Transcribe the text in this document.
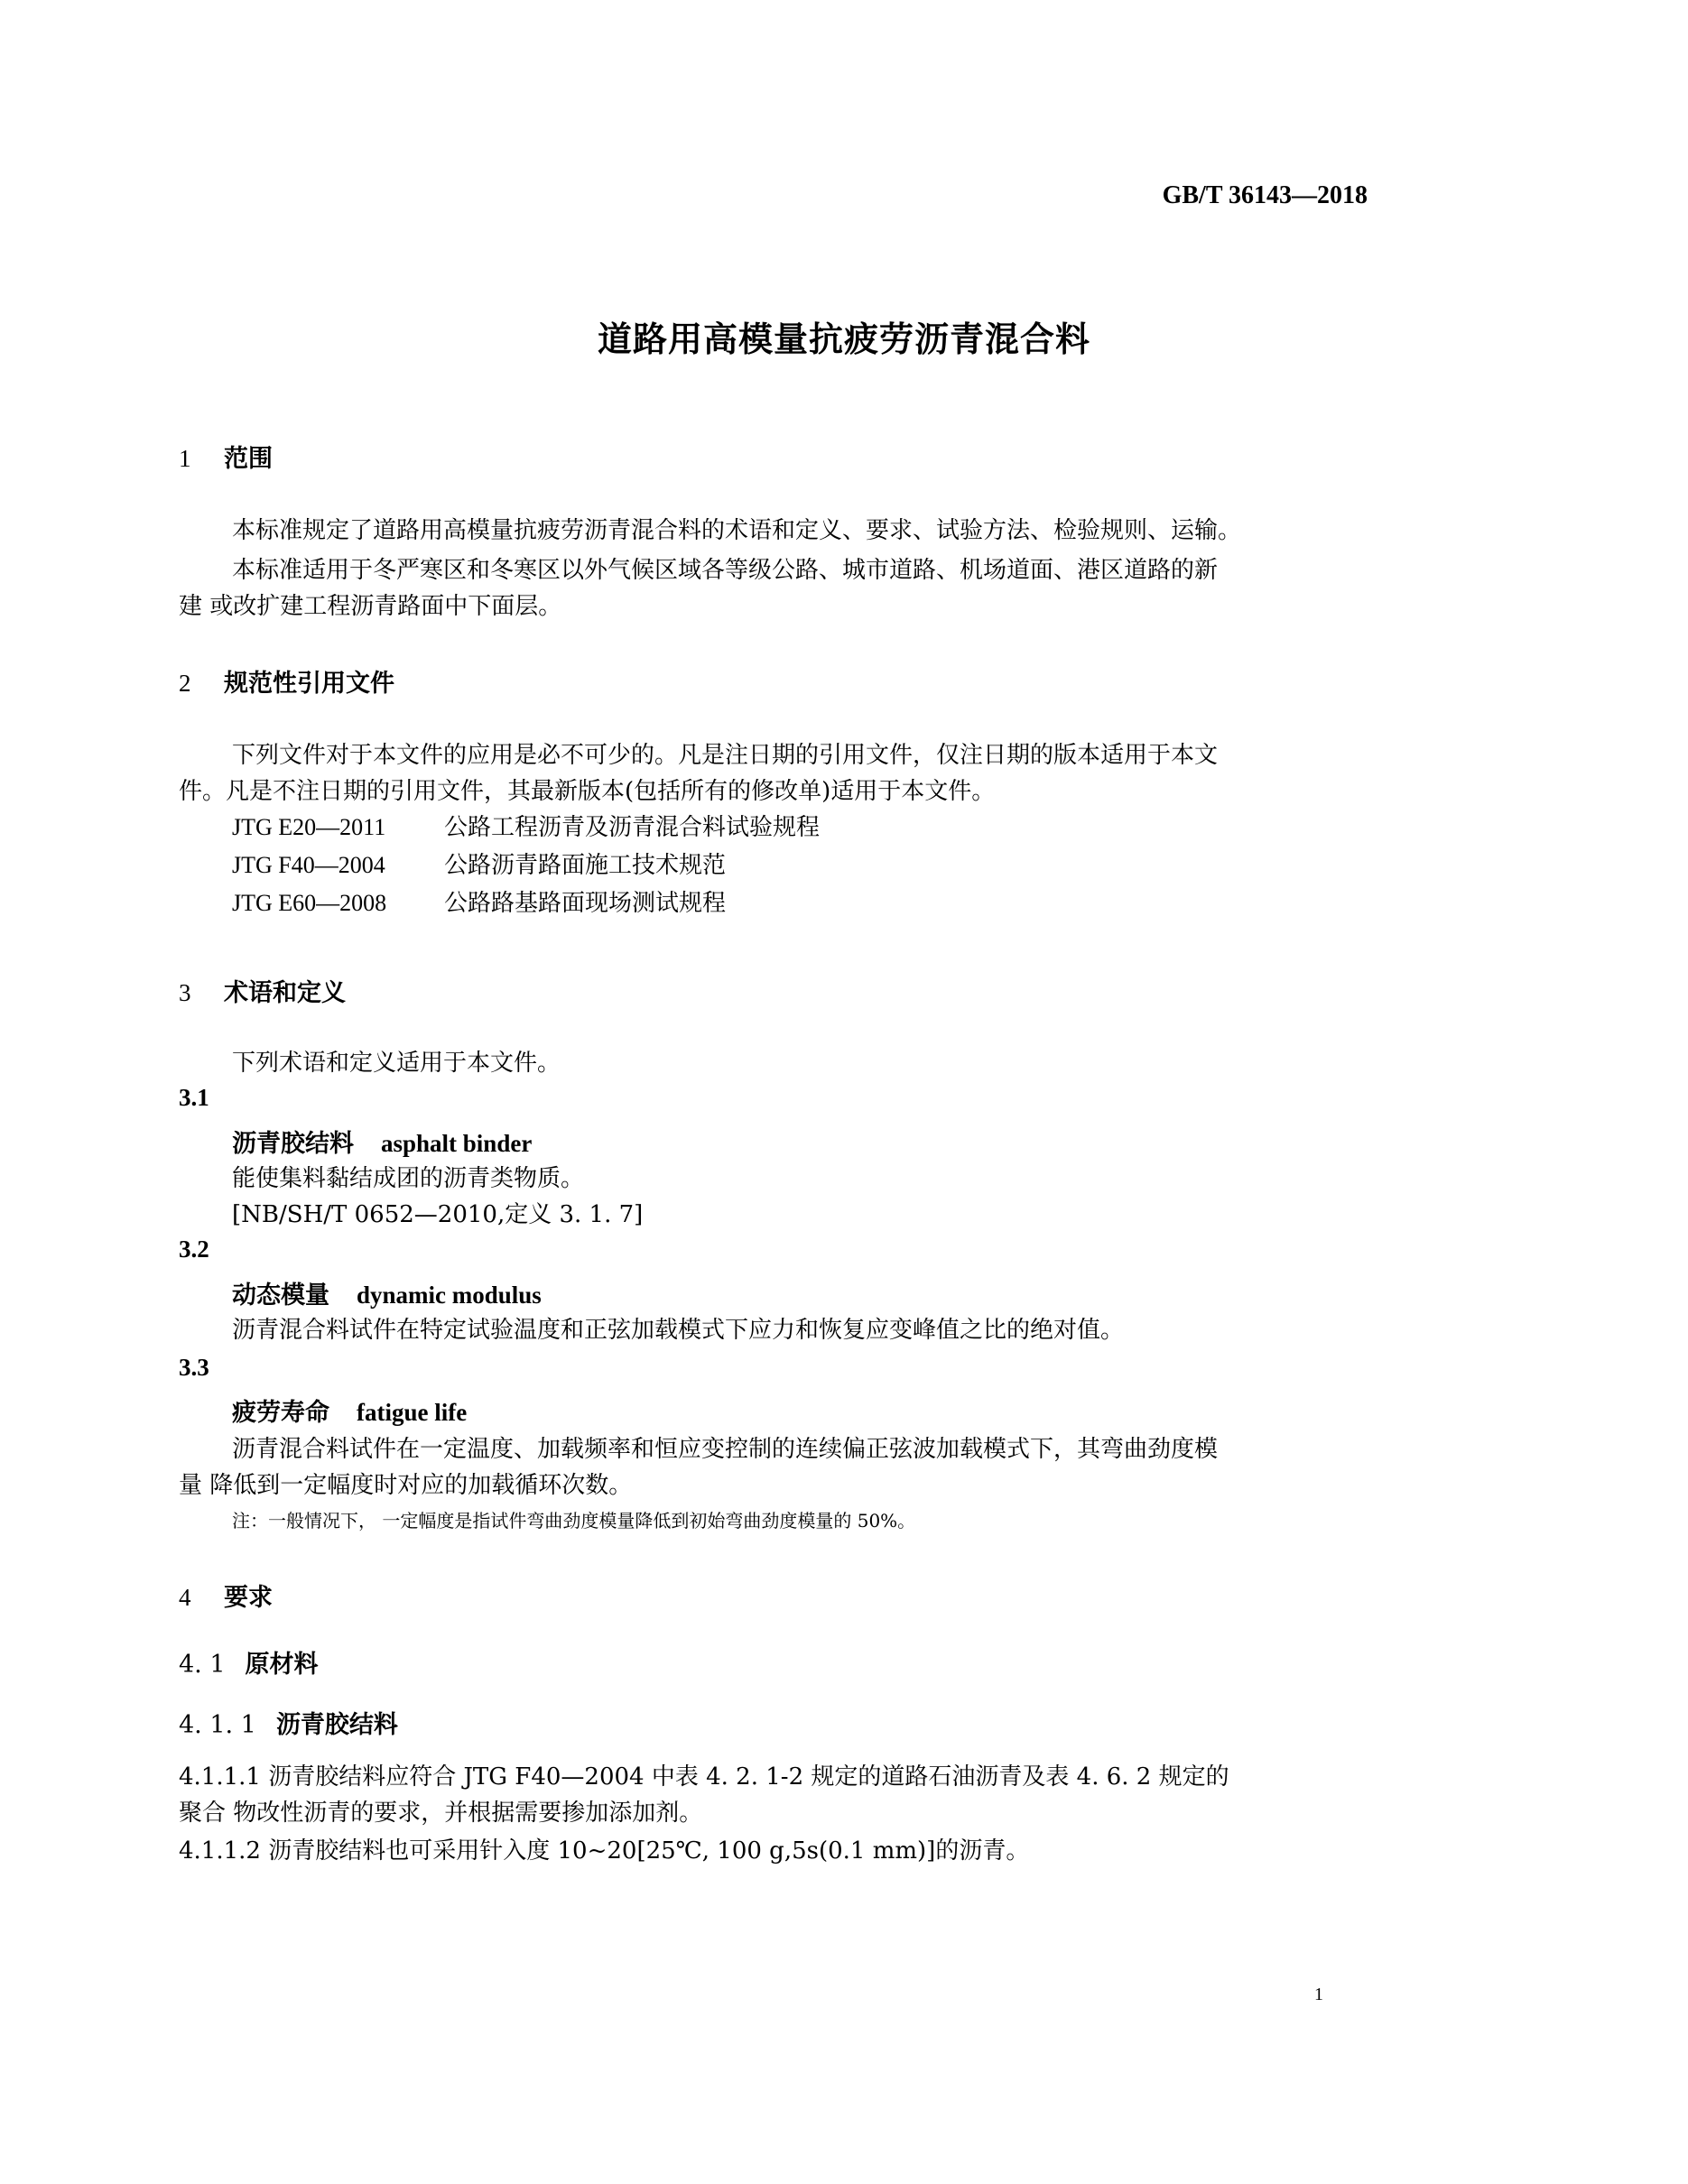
GB/T 36143—2018
道路用高模量抗疲劳沥青混合料
1 范围
本标准规定了道路用高模量抗疲劳沥青混合料的术语和定义、要求、试验方法、检验规则、运输。
本标准适用于冬严寒区和冬寒区以外气候区域各等级公路、城市道路、机场道面、港区道路的新
建 或改扩建工程沥青路面中下面层。
2 规范性引用文件
下列文件对于本文件的应用是必不可少的。凡是注日期的引用文件，仅注日期的版本适用于本文
件。凡是不注日期的引用文件，其最新版本(包括所有的修改单)适用于本文件。
JTG E20—2011 公路工程沥青及沥青混合料试验规程
JTG F40—2004	公路沥青路面施工技术规范
JTG E60—2008 公路路基路面现场测试规程
3 术语和定义
下列术语和定义适用于本文件。
3.1
沥青胶结料 asphalt binder
能使集料黏结成团的沥青类物质。
[NB/SH/T 0652—2010,定义 3. 1. 7]
3.2
动态模量 dynamic modulus
沥青混合料试件在特定试验温度和正弦加载模式下应力和恢复应变峰值之比的绝对值。
3.3
疲劳寿命 fatigue life
沥青混合料试件在一定温度、加载频率和恒应变控制的连续偏正弦波加载模式下，其弯曲劲度模
量 降低到一定幅度时对应的加载循环次数。
注：一般情况下， 一定幅度是指试件弯曲劲度模量降低到初始弯曲劲度模量的 50%。
4 要求
4. 1 原材料
4. 1. 1 沥青胶结料
4.1.1.1 沥青胶结料应符合 JTG F40—2004 中表 4. 2. 1-2 规定的道路石油沥青及表 4. 6. 2 规定的
聚合 物改性沥青的要求，并根据需要掺加添加剂。
4.1.1.2 沥青胶结料也可采用针入度 10~20[25℃, 100 g,5s(0.1 mm)]的沥青。
1
